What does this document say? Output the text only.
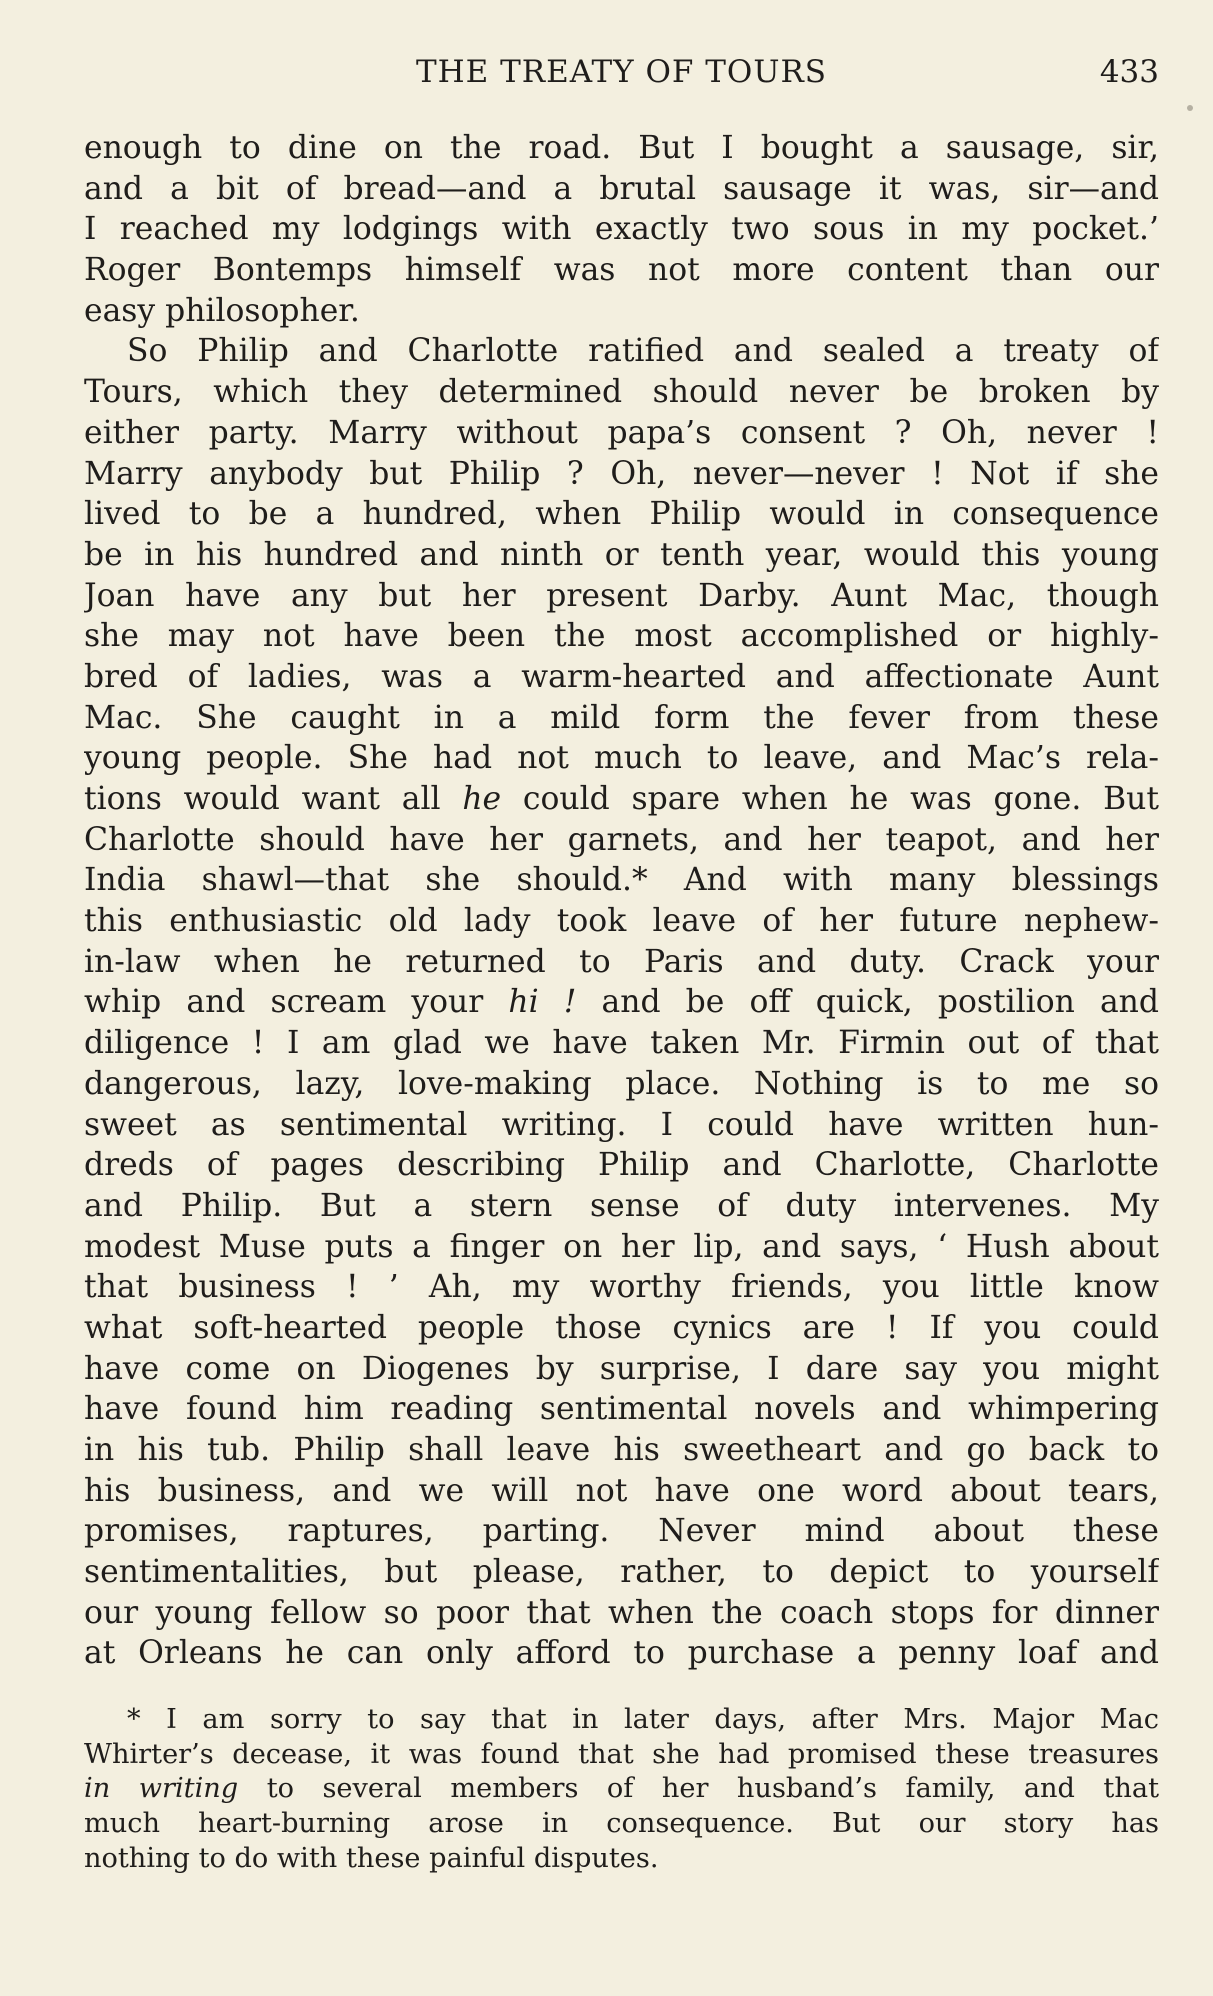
THE TREATY OF TOURS	433
enough to dine on the road. But I bought a sausage, sir,
and a bit of bread—and a brutal sausage it was, sir—and
I reached my lodgings with exactly two sous in my pocket.’
Roger Bontemps himself was not more content than our
easy philosopher.
So Philip and Charlotte ratified and sealed a treaty of
Tours, which they determined should never be broken by
either party. Marry without papa’s consent ? Oh, never !
Marry anybody but Philip ? Oh, never—never ! Not if she
lived to be a hundred, when Philip would in consequence
be in his hundred and ninth or tenth year, would this young
Joan have any but her present Darby. Aunt Mac, though
she may not have been the most accomplished or highly-
bred of ladies, was a warm-hearted and affectionate Aunt
Mac. She caught in a mild form the fever from these
young people. She had not much to leave, and Mac’s rela-
tions would want all he could spare when he was gone. But
Charlotte should have her garnets, and her teapot, and her
India shawl—that she should.* And with many blessings
this enthusiastic old lady took leave of her future nephew-
in-law when he returned to Paris and duty. Crack your
whip and scream your hi ! and be off quick, postilion and
diligence ! I am glad we have taken Mr. Firmin out of that
dangerous, lazy, love-making place. Nothing is to me so
sweet as sentimental writing. I could have written hun-
dreds of pages describing Philip and Charlotte, Charlotte
and Philip. But a stern sense of duty intervenes. My
modest Muse puts a finger on her lip, and says, ‘ Hush about
that business ! ’ Ah, my worthy friends, you little know
what soft-hearted people those cynics are ! If you could
have come on Diogenes by surprise, I dare say you might
have found him reading sentimental novels and whimpering
in his tub. Philip shall leave his sweetheart and go back to
his business, and we will not have one word about tears,
promises, raptures, parting. Never mind about these
sentimentalities, but please, rather, to depict to yourself
our young fellow so poor that when the coach stops for dinner
at Orleans he can only afford to purchase a penny loaf and
* I am sorry to say that in later days, after Mrs. Major Mac
Whirter’s decease, it was found that she had promised these treasures
in writing to several members of her husband’s family, and that
much heart-burning arose in consequence. But our story has
nothing to do with these painful disputes.
